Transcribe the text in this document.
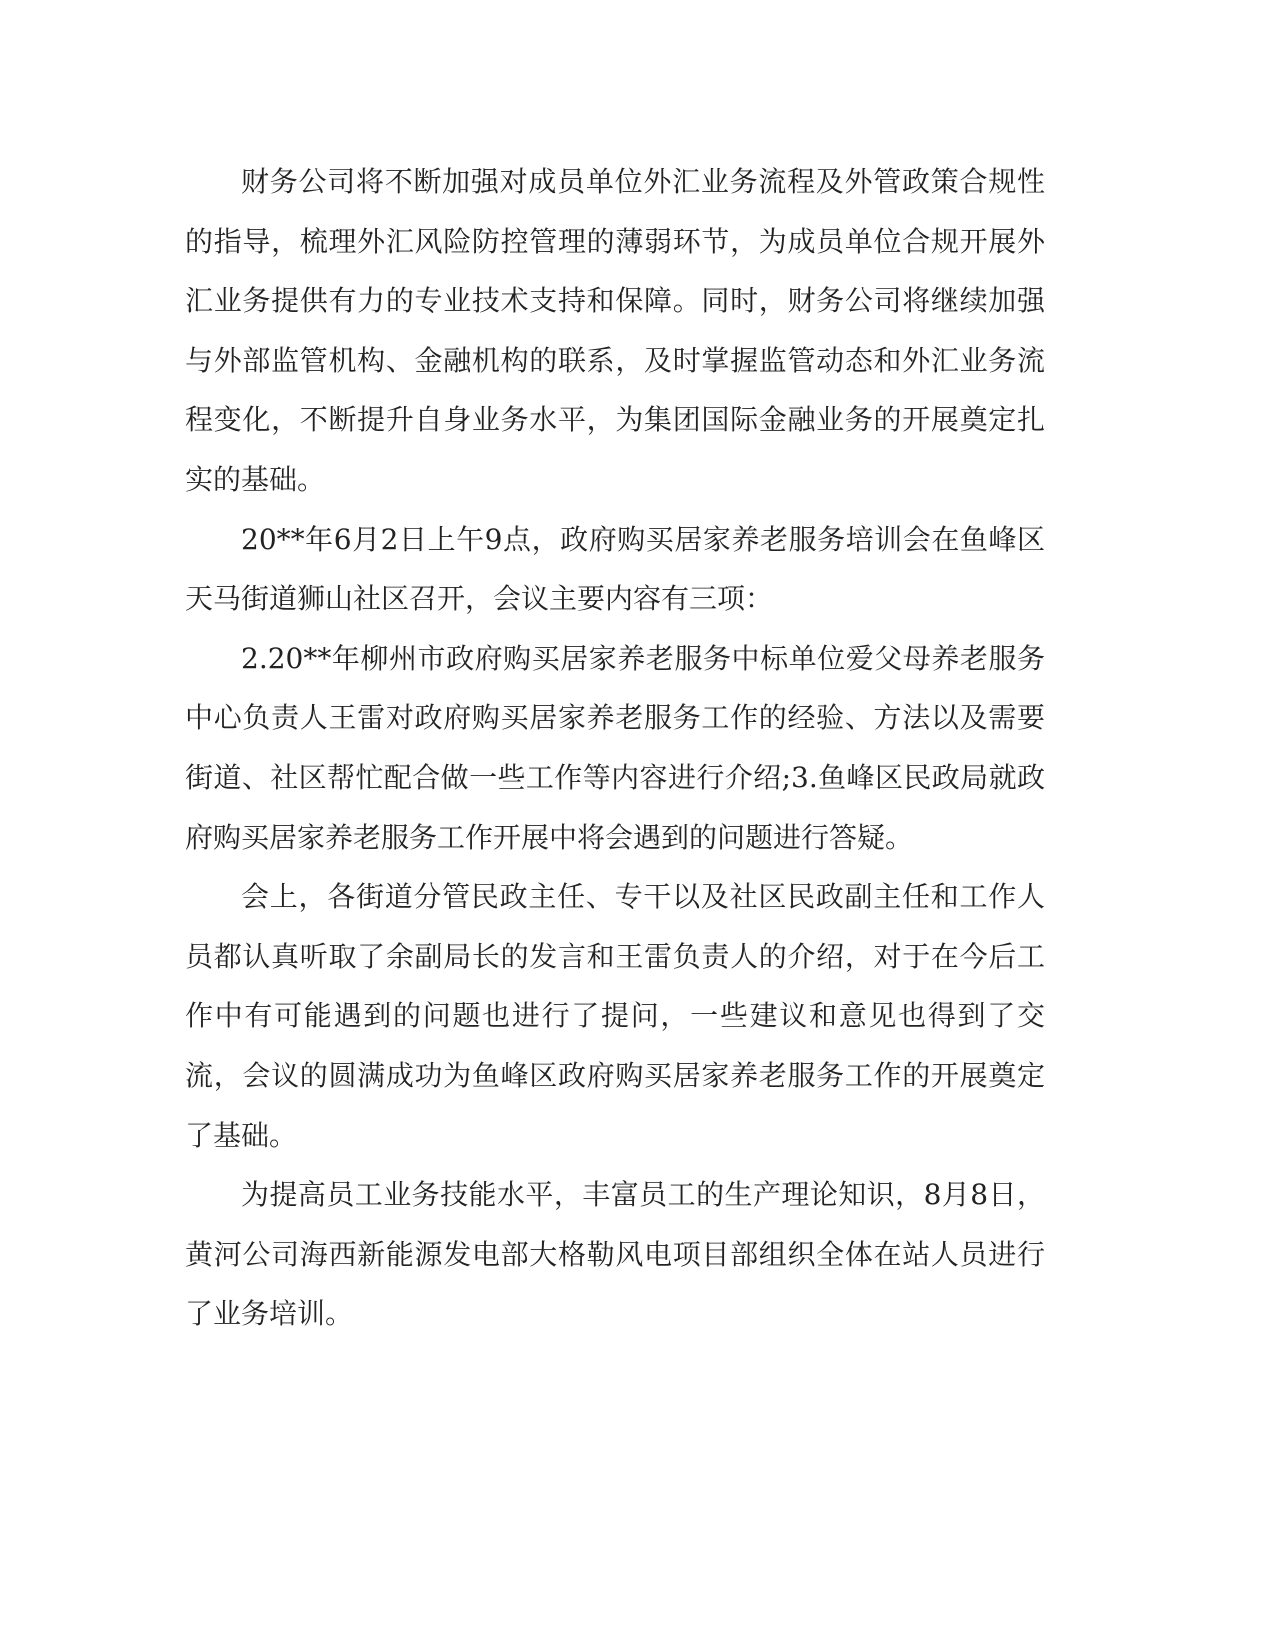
财务公司将不断加强对成员单位外汇业务流程及外管政策合规性的指导，梳理外汇风险防控管理的薄弱环节，为成员单位合规开展外汇业务提供有力的专业技术支持和保障。同时，财务公司将继续加强与外部监管机构、金融机构的联系，及时掌握监管动态和外汇业务流程变化，不断提升自身业务水平，为集团国际金融业务的开展奠定扎实的基础。

20**年6月2日上午9点，政府购买居家养老服务培训会在鱼峰区天马街道狮山社区召开，会议主要内容有三项：

2.20**年柳州市政府购买居家养老服务中标单位爱父母养老服务中心负责人王雷对政府购买居家养老服务工作的经验、方法以及需要街道、社区帮忙配合做一些工作等内容进行介绍;3.鱼峰区民政局就政府购买居家养老服务工作开展中将会遇到的问题进行答疑。

会上，各街道分管民政主任、专干以及社区民政副主任和工作人员都认真听取了余副局长的发言和王雷负责人的介绍，对于在今后工作中有可能遇到的问题也进行了提问，一些建议和意见也得到了交流，会议的圆满成功为鱼峰区政府购买居家养老服务工作的开展奠定了基础。

为提高员工业务技能水平，丰富员工的生产理论知识，8月8日，黄河公司海西新能源发电部大格勒风电项目部组织全体在站人员进行了业务培训。
